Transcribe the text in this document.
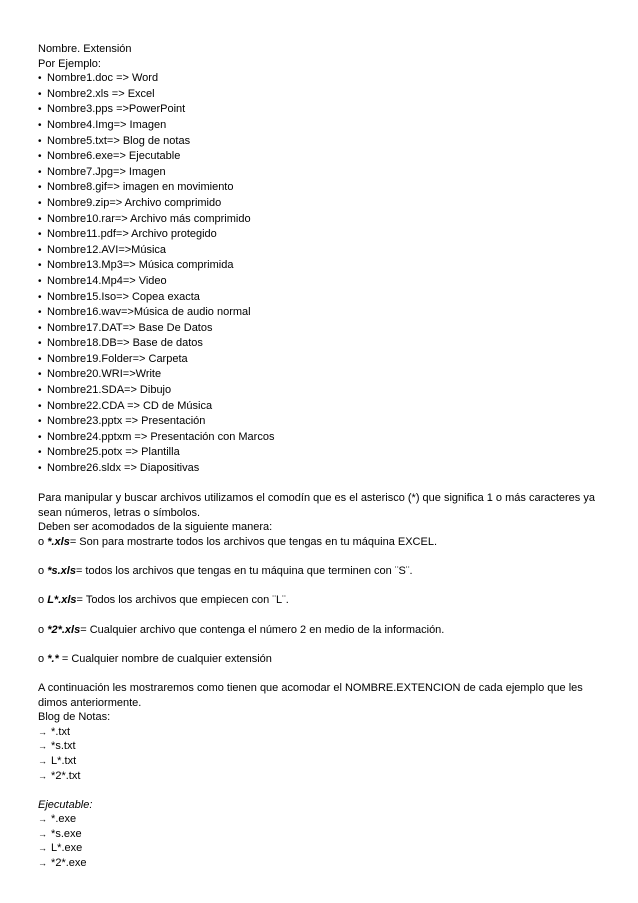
Nombre. Extensión
Por Ejemplo:
• Nombre1.doc => Word
• Nombre2.xls => Excel
• Nombre3.pps =>PowerPoint
• Nombre4.Img=> Imagen
• Nombre5.txt=> Blog de notas
• Nombre6.exe=> Ejecutable
• Nombre7.Jpg=> Imagen
• Nombre8.gif=> imagen en movimiento
• Nombre9.zip=> Archivo comprimido
• Nombre10.rar=> Archivo más comprimido
• Nombre11.pdf=> Archivo protegido
• Nombre12.AVI=>Música
• Nombre13.Mp3=> Música comprimida
• Nombre14.Mp4=> Video
• Nombre15.Iso=> Copea exacta
• Nombre16.wav=>Música de audio normal
• Nombre17.DAT=> Base De Datos
• Nombre18.DB=> Base de datos
• Nombre19.Folder=> Carpeta
• Nombre20.WRI=>Write
• Nombre21.SDA=> Dibujo
• Nombre22.CDA => CD de Música
• Nombre23.pptx => Presentación
• Nombre24.pptxm => Presentación con Marcos
• Nombre25.potx => Plantilla
• Nombre26.sldx => Diapositivas
Para manipular y buscar archivos utilizamos el comodín que es el asterisco (*) que significa 1 o más caracteres ya sean números, letras o símbolos.
Deben ser acomodados de la siguiente manera:
o *.xls= Son para mostrarte todos los archivos que tengas en tu máquina EXCEL.
o *s.xls= todos los archivos que tengas en tu máquina que terminen con ¨S¨.
o L*.xls= Todos los archivos que empiecen con ¨L¨.
o *2*.xls= Cualquier archivo que contenga el número 2 en medio de la información.
o *.* = Cualquier nombre de cualquier extensión
A continuación les mostraremos como tienen que acomodar el NOMBRE.EXTENCION de cada ejemplo que les dimos anteriormente.
Blog de Notas:
→ *.txt
→ *s.txt
→ L*.txt
→ *2*.txt
Ejecutable:
→ *.exe
→ *s.exe
→ L*.exe
→ *2*.exe
